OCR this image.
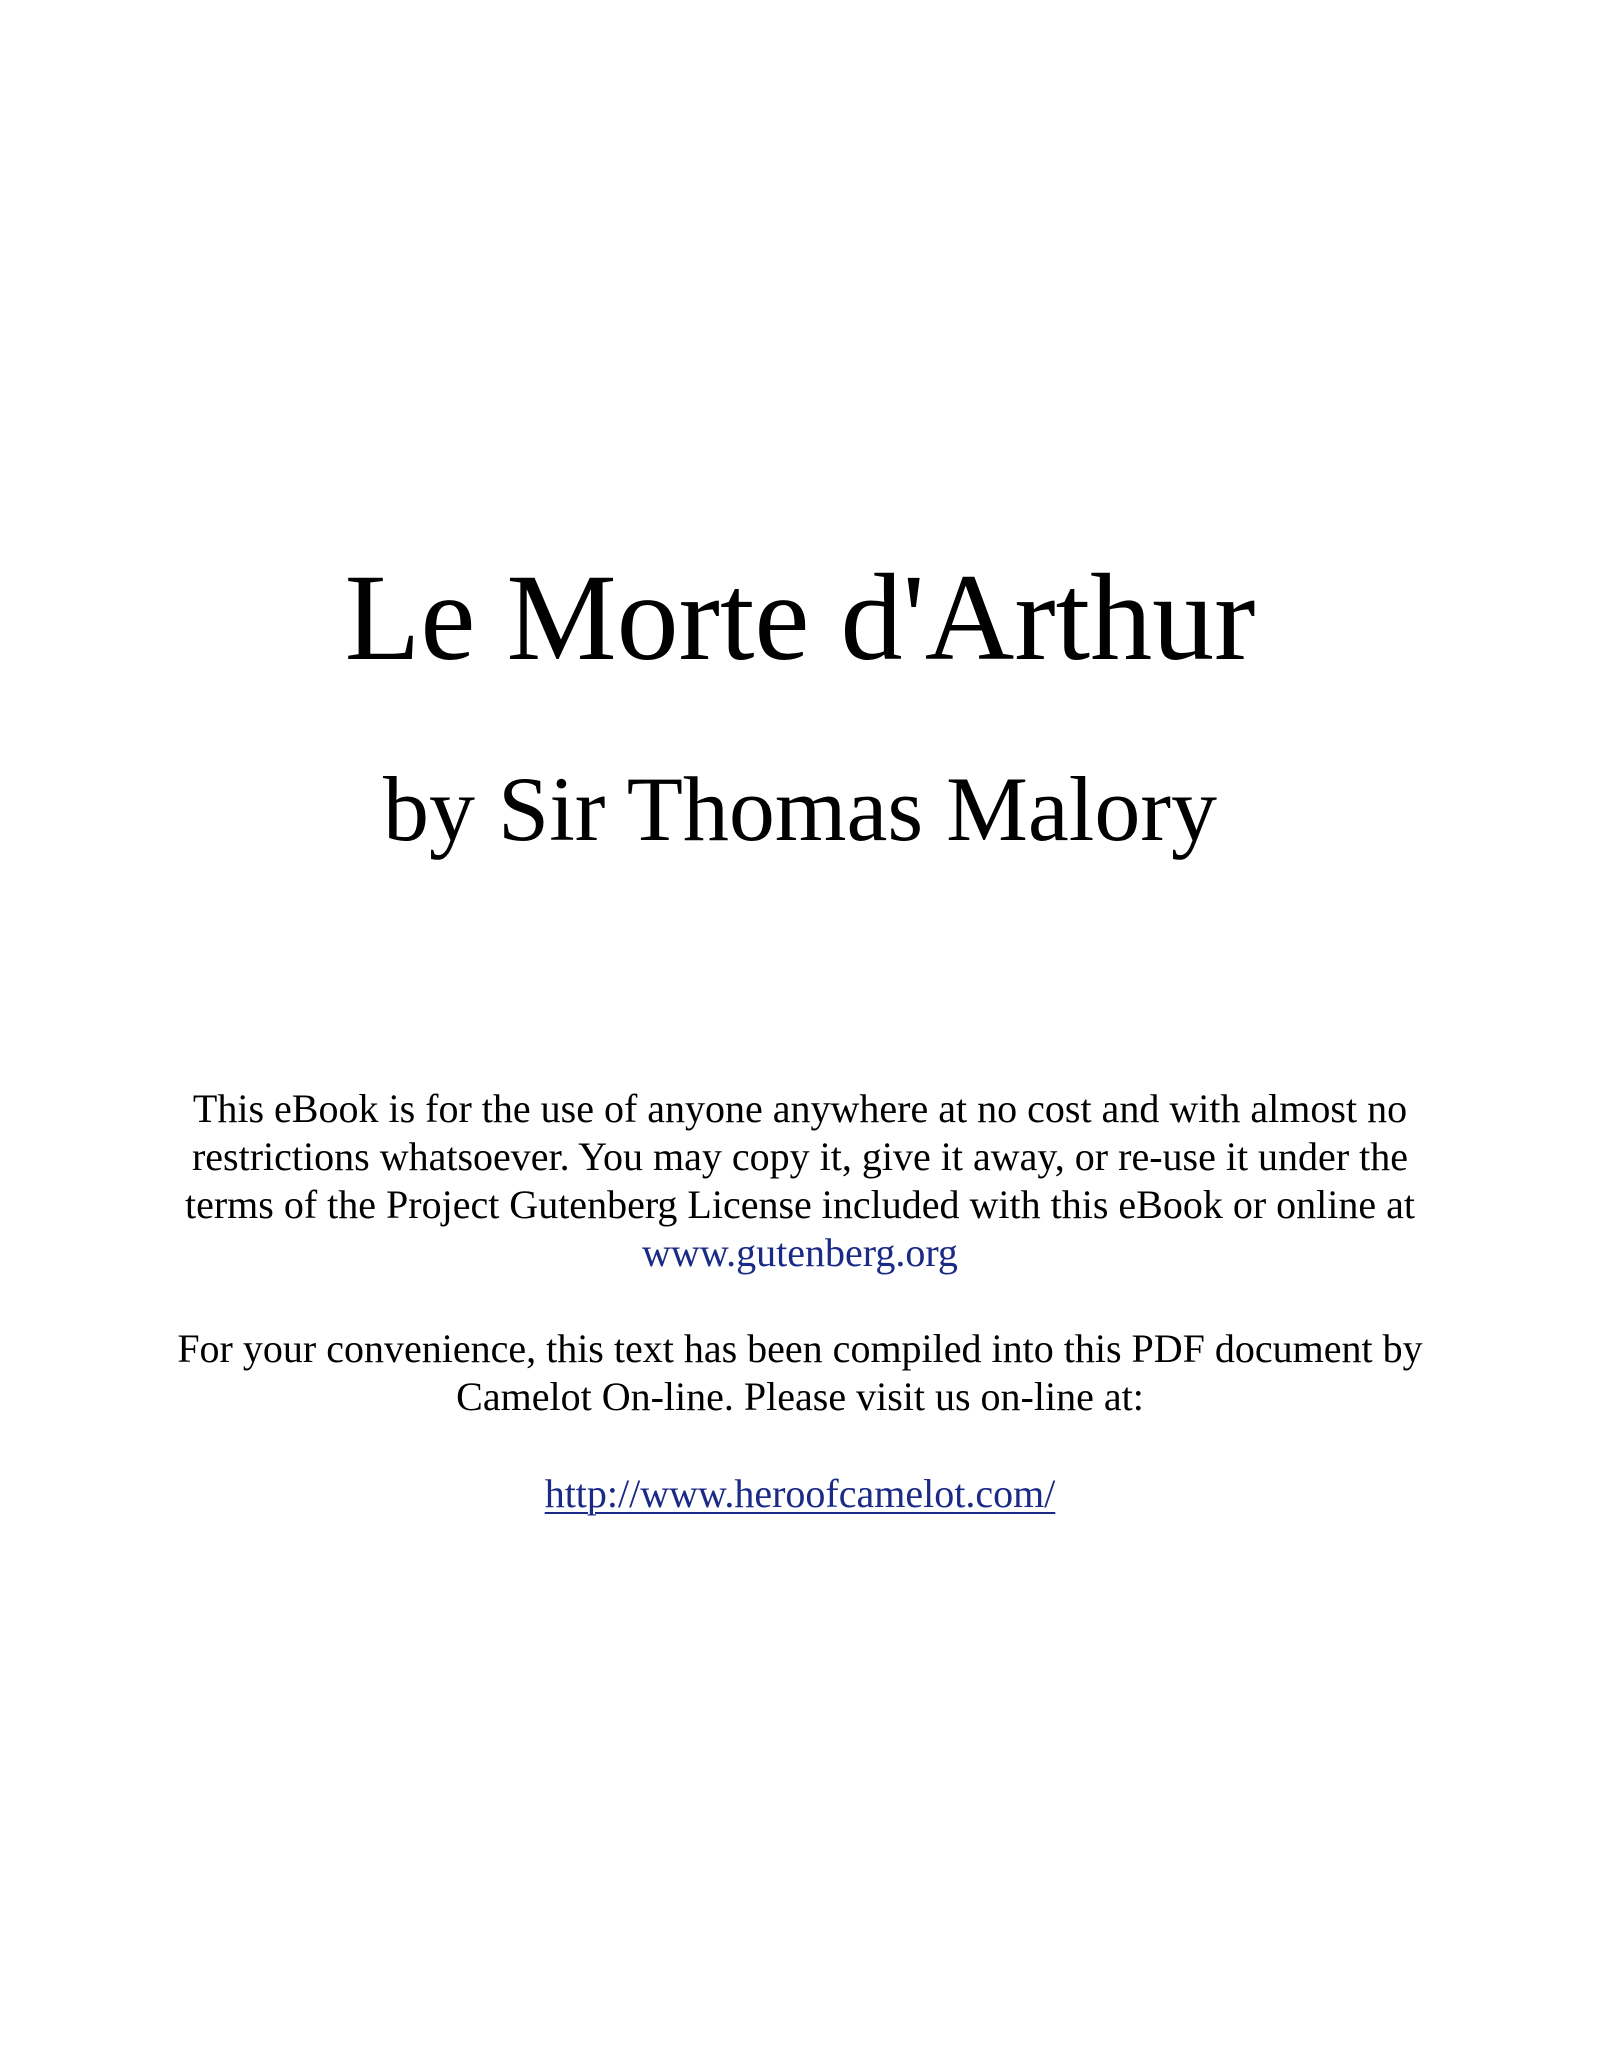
Le Morte d'Arthur
by Sir Thomas Malory

This eBook is for the use of anyone anywhere at no cost and with almost no
restrictions whatsoever. You may copy it, give it away, or re-use it under the
terms of the Project Gutenberg License included with this eBook or online at
www.gutenberg.org

For your convenience, this text has been compiled into this PDF document by
Camelot On-line. Please visit us on-line at:

http://www.heroofcamelot.com/
